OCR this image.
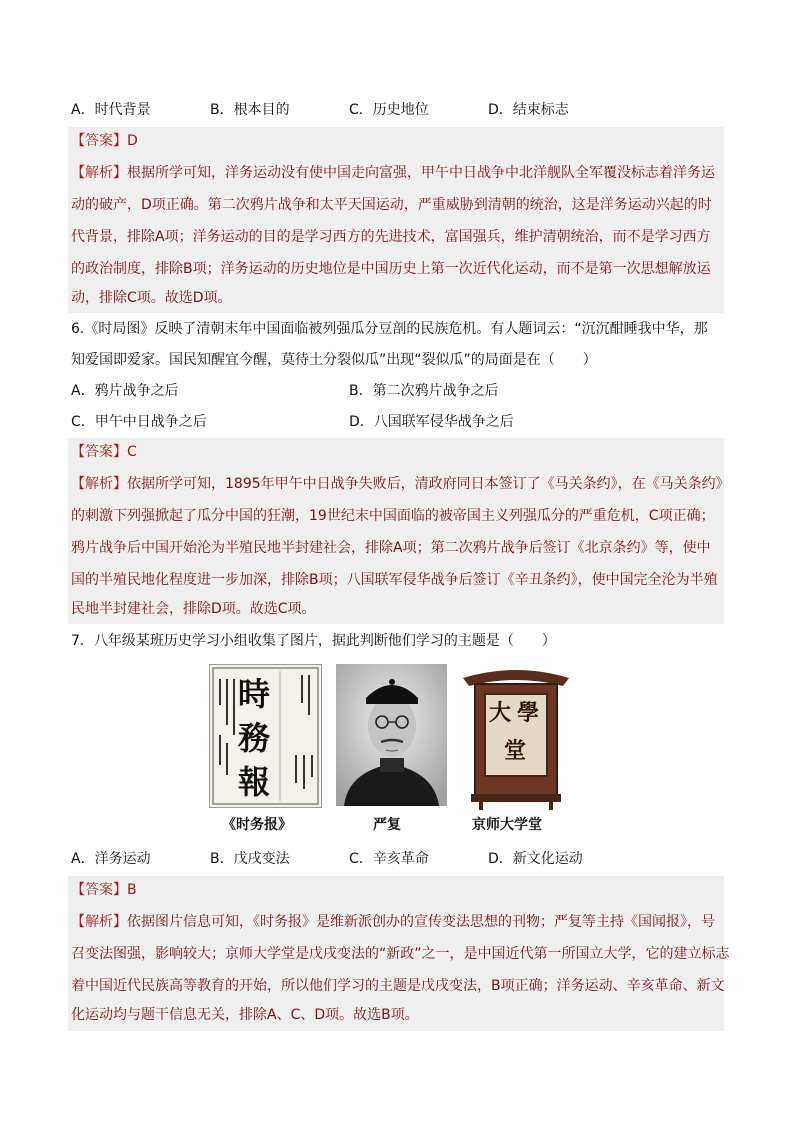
A．时代背景	B．根本目的	C．历史地位	D．结束标志
【答案】D
【解析】根据所学可知，洋务运动没有使中国走向富强，甲午中日战争中北洋舰队全军覆没标志着洋务运
动的破产，D项正确。第二次鸦片战争和太平天国运动，严重威胁到清朝的统治，这是洋务运动兴起的时
代背景，排除A项；洋务运动的目的是学习西方的先进技术，富国强兵，维护清朝统治，而不是学习西方
的政治制度，排除B项；洋务运动的历史地位是中国历史上第一次近代化运动，而不是第一次思想解放运
动，排除C项。故选D项。
6.《时局图》反映了清朝末年中国面临被列强瓜分豆剖的民族危机。有人题词云：“沉沉酣睡我中华，那
知爱国即爱家。国民知醒宜今醒，莫待土分裂似瓜”出现“裂似瓜”的局面是在（　　）
A．鸦片战争之后	B．第二次鸦片战争之后
C．甲午中日战争之后	D．八国联军侵华战争之后
【答案】C
【解析】依据所学可知，1895年甲午中日战争失败后，清政府同日本签订了《马关条约》，在《马关条约》
的刺激下列强掀起了瓜分中国的狂潮，19世纪末中国面临的被帝国主义列强瓜分的严重危机，C项正确；
鸦片战争后中国开始沦为半殖民地半封建社会，排除A项；第二次鸦片战争后签订《北京条约》等，使中
国的半殖民地化程度进一步加深，排除B项；八国联军侵华战争后签订《辛丑条约》，使中国完全沦为半殖
民地半封建社会，排除D项。故选C项。
7．八年级某班历史学习小组收集了图片，据此判断他们学习的主题是（　　）
時
務
報
大 學
堂
《时务报》	严复	京师大学堂
A．洋务运动	B．戊戌变法	C．辛亥革命	D．新文化运动
【答案】B
【解析】依据图片信息可知，《时务报》是维新派创办的宣传变法思想的刊物；严复等主持《国闻报》，号
召变法图强，影响较大；京师大学堂是戊戌变法的“新政”之一，是中国近代第一所国立大学，它的建立标志
着中国近代民族高等教育的开始，所以他们学习的主题是戊戌变法，B项正确；洋务运动、辛亥革命、新文
化运动均与题干信息无关，排除A、C、D项。故选B项。
